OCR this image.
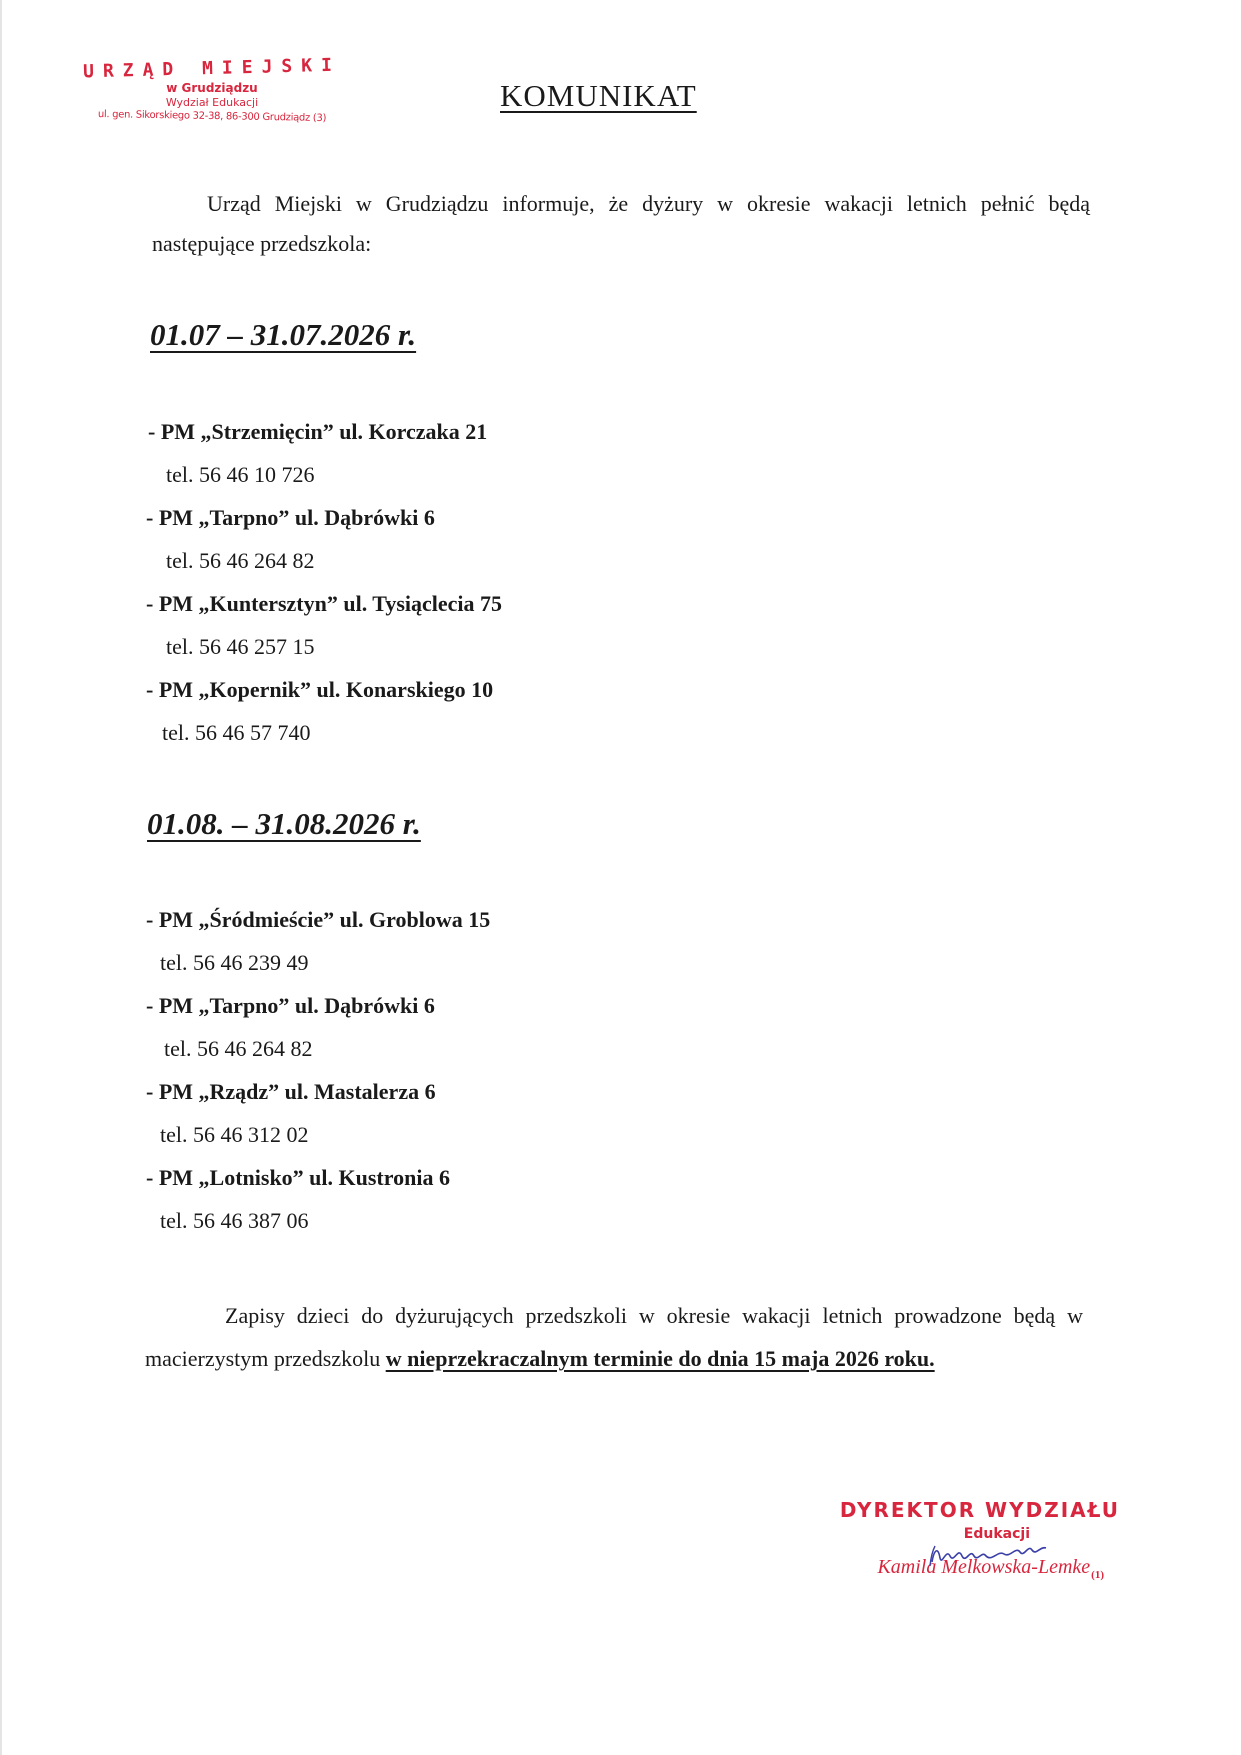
URZĄD MIEJSKI
w Grudziądzu
Wydział Edukacji
ul. gen. Sikorskiego 32-38, 86-300 Grudziądz (3)
KOMUNIKAT
Urząd Miejski w Grudziądzu informuje, że dyżury w okresie wakacji letnich pełnić będą następujące przedszkola:
01.07 – 31.07.2026 r.
- PM „Strzemięcin” ul. Korczaka 21
tel. 56 46 10 726
- PM „Tarpno” ul. Dąbrówki 6
tel. 56 46 264 82
- PM „Kuntersztyn” ul. Tysiąclecia 75
tel. 56 46 257 15
- PM „Kopernik” ul. Konarskiego 10
tel. 56 46 57 740
01.08. – 31.08.2026 r.
- PM „Śródmieście” ul. Groblowa 15
tel. 56 46 239 49
- PM „Tarpno” ul. Dąbrówki 6
tel. 56 46 264 82
- PM „Rządz” ul. Mastalerza 6
tel. 56 46 312 02
- PM „Lotnisko” ul. Kustronia 6
tel. 56 46 387 06
Zapisy dzieci do dyżurujących przedszkoli w okresie wakacji letnich prowadzone będą w macierzystym przedszkolu w nieprzekraczalnym terminie do dnia 15 maja 2026 roku.
DYREKTOR WYDZIAŁU
Edukacji
Kamila Melkowska-Lemke$_{(1)}$
